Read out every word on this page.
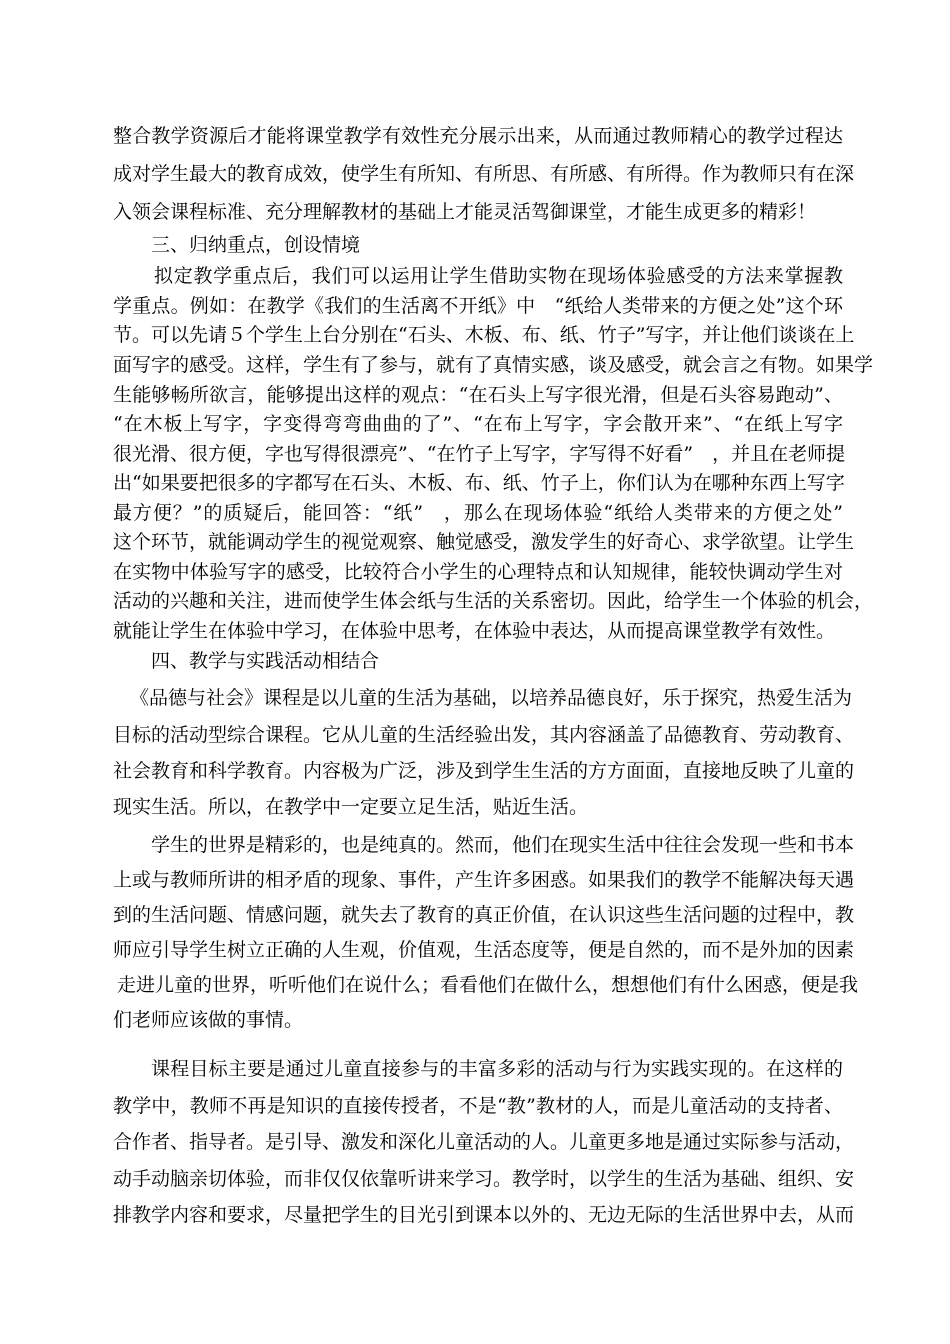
整合教学资源后才能将课堂教学有效性充分展示出来，从而通过教师精心的教学过程达
成对学生最大的教育成效，使学生有所知、有所思、有所感、有所得。作为教师只有在深
入领会课程标准、充分理解教材的基础上才能灵活驾御课堂，才能生成更多的精彩！
三、归纳重点，创设情境
拟定教学重点后，我们可以运用让学生借助实物在现场体验感受的方法来掌握教
学重点。例如：在教学《我们的生活离不开纸》中　“纸给人类带来的方便之处”这个环
节。可以先请５个学生上台分别在“石头、木板、布、纸、竹子”写字，并让他们谈谈在上
面写字的感受。这样，学生有了参与，就有了真情实感，谈及感受，就会言之有物。如果学
生能够畅所欲言，能够提出这样的观点：“在石头上写字很光滑，但是石头容易跑动”、
“在木板上写字，字变得弯弯曲曲的了”、“在布上写字，字会散开来”、“在纸上写字
很光滑、很方便，字也写得很漂亮”、“在竹子上写字，字写得不好看”　，并且在老师提
出“如果要把很多的字都写在石头、木板、布、纸、竹子上，你们认为在哪种东西上写字
最方便？”的质疑后，能回答：“纸”　，那么在现场体验“纸给人类带来的方便之处”
这个环节，就能调动学生的视觉观察、触觉感受，激发学生的好奇心、求学欲望。让学生
在实物中体验写字的感受，比较符合小学生的心理特点和认知规律，能较快调动学生对
活动的兴趣和关注，进而使学生体会纸与生活的关系密切。因此，给学生一个体验的机会，
就能让学生在体验中学习，在体验中思考，在体验中表达，从而提高课堂教学有效性。
四、教学与实践活动相结合
《品德与社会》课程是以儿童的生活为基础，以培养品德良好，乐于探究，热爱生活为
目标的活动型综合课程。它从儿童的生活经验出发，其内容涵盖了品德教育、劳动教育、
社会教育和科学教育。内容极为广泛，涉及到学生生活的方方面面，直接地反映了儿童的
现实生活。所以，在教学中一定要立足生活，贴近生活。
学生的世界是精彩的，也是纯真的。然而，他们在现实生活中往往会发现一些和书本
上或与教师所讲的相矛盾的现象、事件，产生许多困惑。如果我们的教学不能解决每天遇
到的生活问题、情感问题，就失去了教育的真正价值，在认识这些生活问题的过程中，教
师应引导学生树立正确的人生观，价值观，生活态度等，便是自然的，而不是外加的因素
走进儿童的世界，听听他们在说什么；看看他们在做什么，想想他们有什么困惑，便是我
们老师应该做的事情。
课程目标主要是通过儿童直接参与的丰富多彩的活动与行为实践实现的。在这样的
教学中，教师不再是知识的直接传授者，不是“教”教材的人，而是儿童活动的支持者、
合作者、指导者。是引导、激发和深化儿童活动的人。儿童更多地是通过实际参与活动，
动手动脑亲切体验，而非仅仅依靠听讲来学习。教学时，以学生的生活为基础、组织、安
排教学内容和要求，尽量把学生的目光引到课本以外的、无边无际的生活世界中去，从而
